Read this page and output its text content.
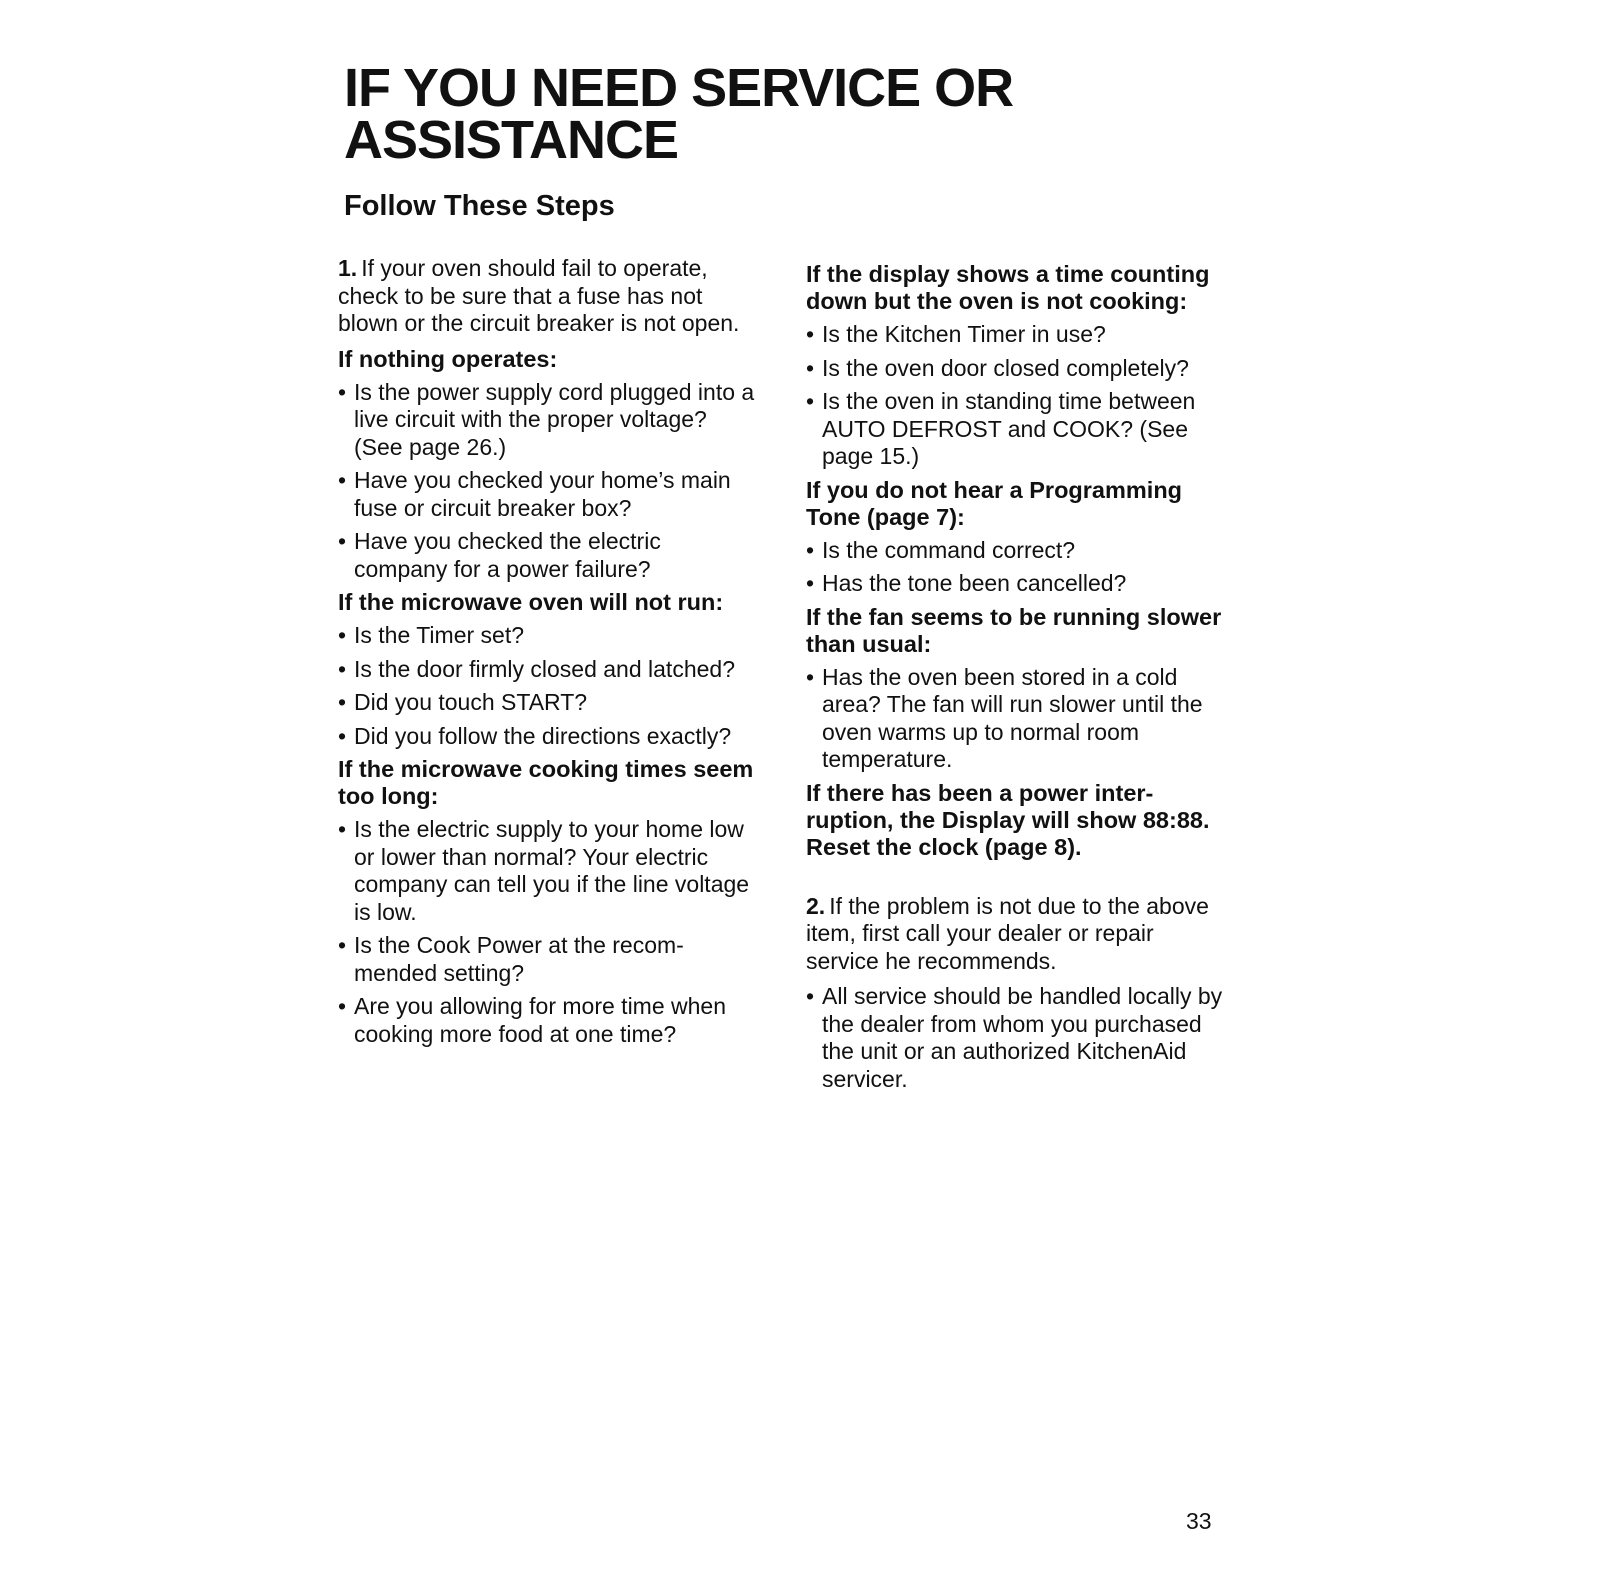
IF YOU NEED SERVICE OR
ASSISTANCE
Follow These Steps

1. If your oven should fail to operate, check to be sure that a fuse has not blown or the circuit breaker is not open.

If nothing operates:
• Is the power supply cord plugged into a live circuit with the proper voltage? (See page 26.)
• Have you checked your home’s main fuse or circuit breaker box?
• Have you checked the electric company for a power failure?
If the microwave oven will not run:
• Is the Timer set?
• Is the door firmly closed and latched?
• Did you touch START?
• Did you follow the directions exactly?
If the microwave cooking times seem too long:
• Is the electric supply to your home low or lower than normal? Your electric company can tell you if the line voltage is low.
• Is the Cook Power at the recom-mended setting?
• Are you allowing for more time when cooking more food at one time?
If the display shows a time counting down but the oven is not cooking:
• Is the Kitchen Timer in use?
• Is the oven door closed completely?
• Is the oven in standing time between AUTO DEFROST and COOK? (See page 15.)
If you do not hear a Programming Tone (page 7):
• Is the command correct?
• Has the tone been cancelled?
If the fan seems to be running slower than usual:
• Has the oven been stored in a cold area? The fan will run slower until the oven warms up to normal room temperature.
If there has been a power inter-ruption, the Display will show 88:88. Reset the clock (page 8).

2. If the problem is not due to the above item, first call your dealer or repair service he recommends.

• All service should be handled locally by the dealer from whom you purchased the unit or an authorized KitchenAid servicer.
33
